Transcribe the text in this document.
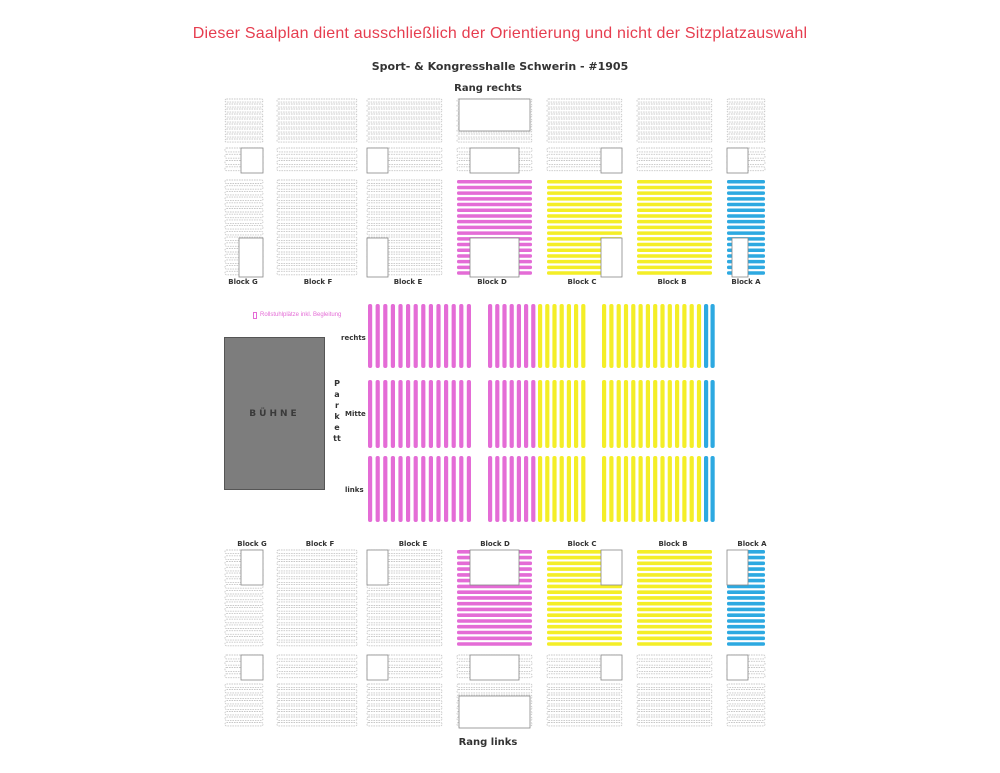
Dieser Saalplan dient ausschließlich der Orientierung und nicht der Sitzplatzauswahl
Sport- & Kongresshalle Schwerin - #1905
Rang rechts
Rang links
Block G	Block F	Block E	Block D	Block C	Block B	Block A
Block G	Block F	Block E	Block D	Block C	Block B	Block A
rechts
Mitte
links
Parkett
BÜHNE
Rollstuhlplätze inkl. Begleitung
